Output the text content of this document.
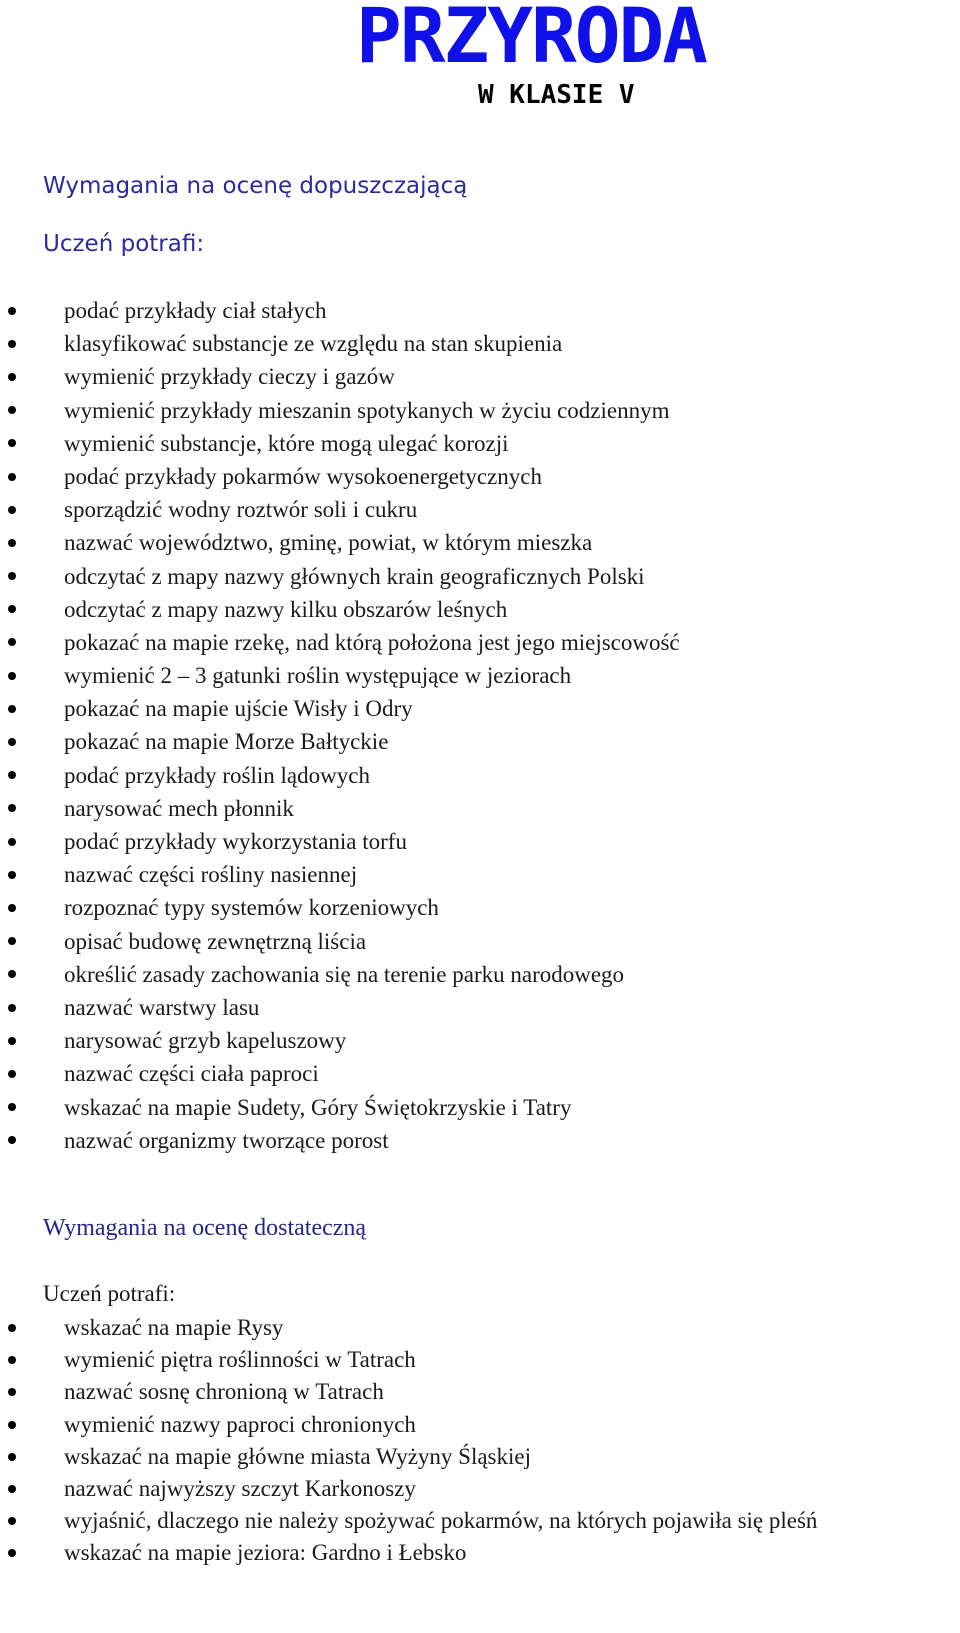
PRZYRODA
W KLASIE V
Wymagania na ocenę dopuszczającą
Uczeń potrafi:
podać przykłady ciał stałych
klasyfikować substancje ze względu na stan skupienia
wymienić przykłady cieczy i gazów
wymienić przykłady mieszanin spotykanych w życiu codziennym
wymienić substancje, które mogą ulegać korozji
podać przykłady pokarmów wysokoenergetycznych
sporządzić wodny roztwór soli i cukru
nazwać województwo, gminę, powiat, w którym mieszka
odczytać z mapy nazwy głównych krain geograficznych Polski
odczytać z mapy nazwy kilku obszarów leśnych
pokazać na mapie rzekę, nad którą położona jest jego miejscowość
wymienić 2 – 3 gatunki roślin występujące w jeziorach
pokazać na mapie ujście Wisły i Odry
pokazać na mapie Morze Bałtyckie
podać przykłady roślin lądowych
narysować mech płonnik
podać przykłady wykorzystania torfu
nazwać części rośliny nasiennej
rozpoznać typy systemów korzeniowych
opisać budowę zewnętrzną liścia
określić zasady zachowania się na terenie parku narodowego
nazwać warstwy lasu
narysować grzyb kapeluszowy
nazwać części ciała paproci
wskazać na mapie Sudety, Góry Świętokrzyskie i Tatry
nazwać organizmy tworzące porost
Wymagania na ocenę dostateczną
Uczeń potrafi:
wskazać na mapie Rysy
wymienić piętra roślinności w Tatrach
nazwać sosnę chronioną w Tatrach
wymienić nazwy paproci chronionych
wskazać na mapie główne miasta Wyżyny Śląskiej
nazwać najwyższy szczyt Karkonoszy
wyjaśnić, dlaczego nie należy spożywać pokarmów, na których pojawiła się pleśń
wskazać na mapie jeziora: Gardno i Łebsko
